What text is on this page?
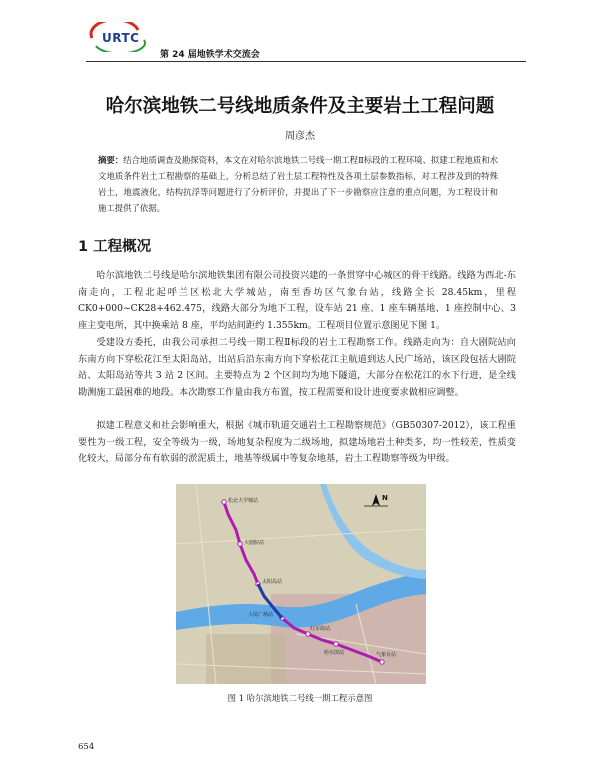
URTC
第 24 届地铁学术交流会
哈尔滨地铁二号线地质条件及主要岩土工程问题
周彦杰
摘要：结合地质调查及勘探资料，本文在对哈尔滨地铁二号线一期工程Ⅱ标段的工程环境、拟建工程地质和水文地质条件岩土工程勘察的基础上，分析总结了岩土层工程特性及各项土层参数指标，对工程涉及到的特殊岩土，地震液化，结构抗浮等问题进行了分析评价，并提出了下一步勘察应注意的重点问题，为工程设计和施工提供了依据。
1 工程概况
哈尔滨地铁二号线是哈尔滨地铁集团有限公司投资兴建的一条贯穿中心城区的骨干线路。线路为西北-东南走向，工程北起呼兰区松北大学城站，南至香坊区气象台站，线路全长 28.45km，里程 CK0+000~CK28+462.475，线路大部分为地下工程，设车站 21 座、1 座车辆基地、1 座控制中心、3 座主变电所，其中换乘站 8 座，平均站间距约 1.355km。工程项目位置示意图见下图 1。
受建设方委托，由我公司承担二号线一期工程Ⅱ标段的岩土工程勘察工作。线路走向为：自大剧院站向东南方向下穿松花江至太阳岛站，出站后沿东南方向下穿松花江主航道到达人民广场站，该区段包括大剧院站、太阳岛站等共 3 站 2 区间。主要特点为 2 个区间均为地下隧道，大部分在松花江的水下行进，是全线勘测施工最困难的地段。本次勘察工作量由我方布置，按工程需要和设计进度要求做相应调整。
拟建工程意义和社会影响重大，根据《城市轨道交通岩土工程勘察规范》（GB50307-2012），该工程重要性为一级工程，安全等级为一级，场地复杂程度为二级场地，拟建场地岩土种类多，均一性较差，性质变化较大，局部分布有软弱的淤泥质土，地基等级属中等复杂地基，岩土工程勘察等级为甲级。
松北大学城站
大剧院站
太阳岛站
人民广场站
红军街站
哈尔滨站	气象台站
N
图 1 哈尔滨地铁二号线一期工程示意图
654
